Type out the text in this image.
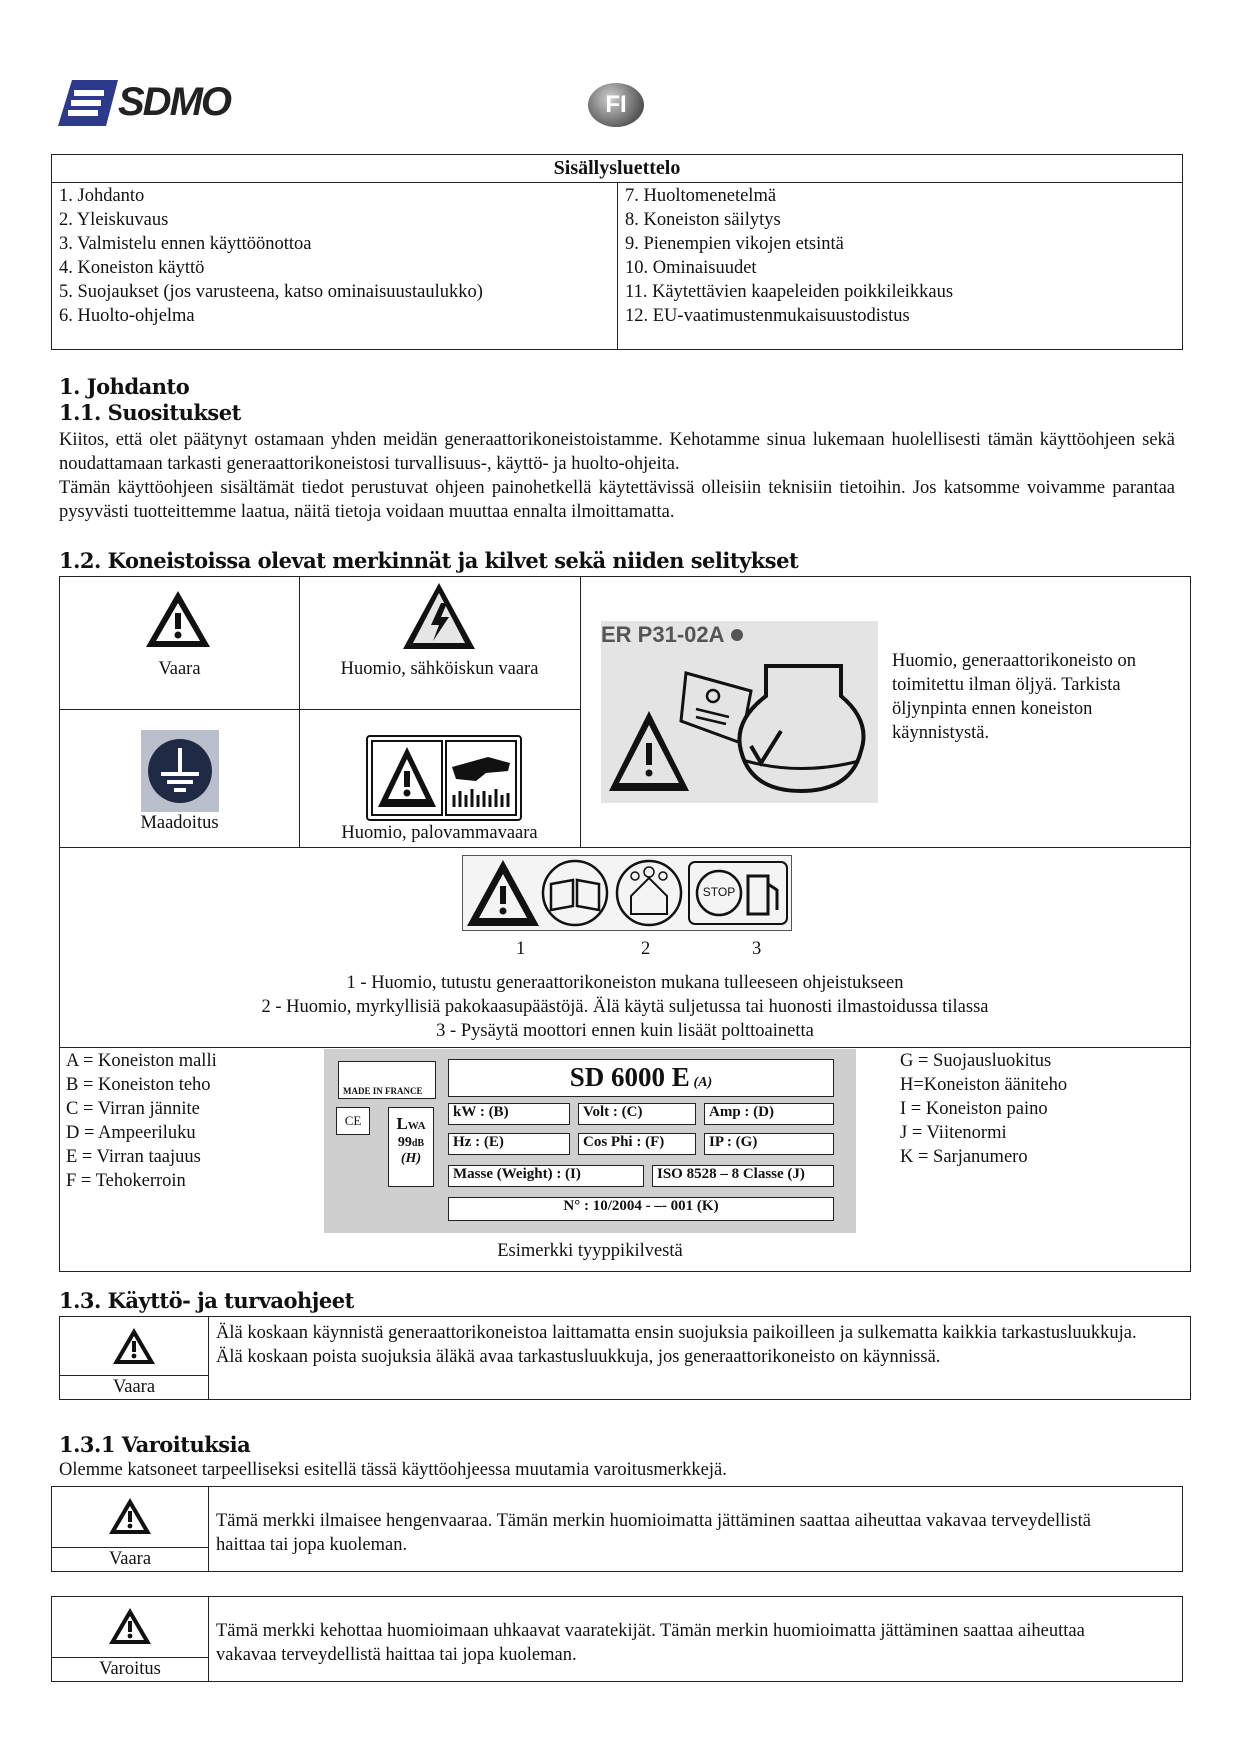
SDMO	FI
Sisällysluettelo
1. Johdanto
2. Yleiskuvaus
3. Valmistelu ennen käyttöönottoa
4. Koneiston käyttö
5. Suojaukset (jos varusteena, katso ominaisuustaulukko)
6. Huolto-ohjelma
7. Huoltomenetelmä
8. Koneiston säilytys
9. Pienempien vikojen etsintä
10. Ominaisuudet
11. Käytettävien kaapeleiden poikkileikkaus
12. EU-vaatimustenmukaisuustodistus
1. Johdanto
1.1. Suositukset
Kiitos, että olet päätynyt ostamaan yhden meidän generaattorikoneistoistamme. Kehotamme sinua lukemaan huolellisesti tämän käyttöohjeen sekä noudattamaan tarkasti generaattorikoneistosi turvallisuus-, käyttö- ja huolto-ohjeita.
Tämän käyttöohjeen sisältämät tiedot perustuvat ohjeen painohetkellä käytettävissä olleisiin teknisiin tietoihin. Jos katsomme voivamme parantaa pysyvästi tuotteittemme laatua, näitä tietoja voidaan muuttaa ennalta ilmoittamatta.
1.2. Koneistoissa olevat merkinnät ja kilvet sekä niiden selitykset
Vaara	Huomio, sähköiskun vaara
ER P31-02A
Huomio, generaattorikoneisto on toimitettu ilman öljyä. Tarkista öljynpinta ennen koneiston käynnistystä.
Maadoitus	Huomio, palovammavaara
STOP
1	2	3
1 - Huomio, tutustu generaattorikoneiston mukana tulleeseen ohjeistukseen
2 - Huomio, myrkyllisiä pakokaasupäästöjä. Älä käytä suljetussa tai huonosti ilmastoidussa tilassa
3 - Pysäytä moottori ennen kuin lisäät polttoainetta
A = Koneiston malli
B = Koneiston teho
C = Virran jännite
D = Ampeeriluku
E = Virran taajuus
F = Tehokerroin
G = Suojausluokitus
H=Koneiston ääniteho
I = Koneiston paino
J = Viitenormi
K = Sarjanumero
MADE IN FRANCE	SD 6000 E (A)
CE	LWA
99dB
(H)
kW : (B)	Volt : (C)	Amp : (D)
Hz : (E)	Cos Phi : (F)	IP : (G)
Masse (Weight) : (I)	ISO 8528 – 8 Classe (J)
N° : 10/2004 - –- 001 (K)
Esimerkki tyyppikilvestä
1.3. Käyttö- ja turvaohjeet
Vaara
Älä koskaan käynnistä generaattorikoneistoa laittamatta ensin suojuksia paikoilleen ja sulkematta kaikkia tarkastusluukkuja.
Älä koskaan poista suojuksia äläkä avaa tarkastusluukkuja, jos generaattorikoneisto on käynnissä.
1.3.1 Varoituksia
Olemme katsoneet tarpeelliseksi esitellä tässä käyttöohjeessa muutamia varoitusmerkkejä.
Vaara
Tämä merkki ilmaisee hengenvaaraa. Tämän merkin huomioimatta jättäminen saattaa aiheuttaa vakavaa terveydellistä haittaa tai jopa kuoleman.
Varoitus
Tämä merkki kehottaa huomioimaan uhkaavat vaaratekijät. Tämän merkin huomioimatta jättäminen saattaa aiheuttaa vakavaa terveydellistä haittaa tai jopa kuoleman.
